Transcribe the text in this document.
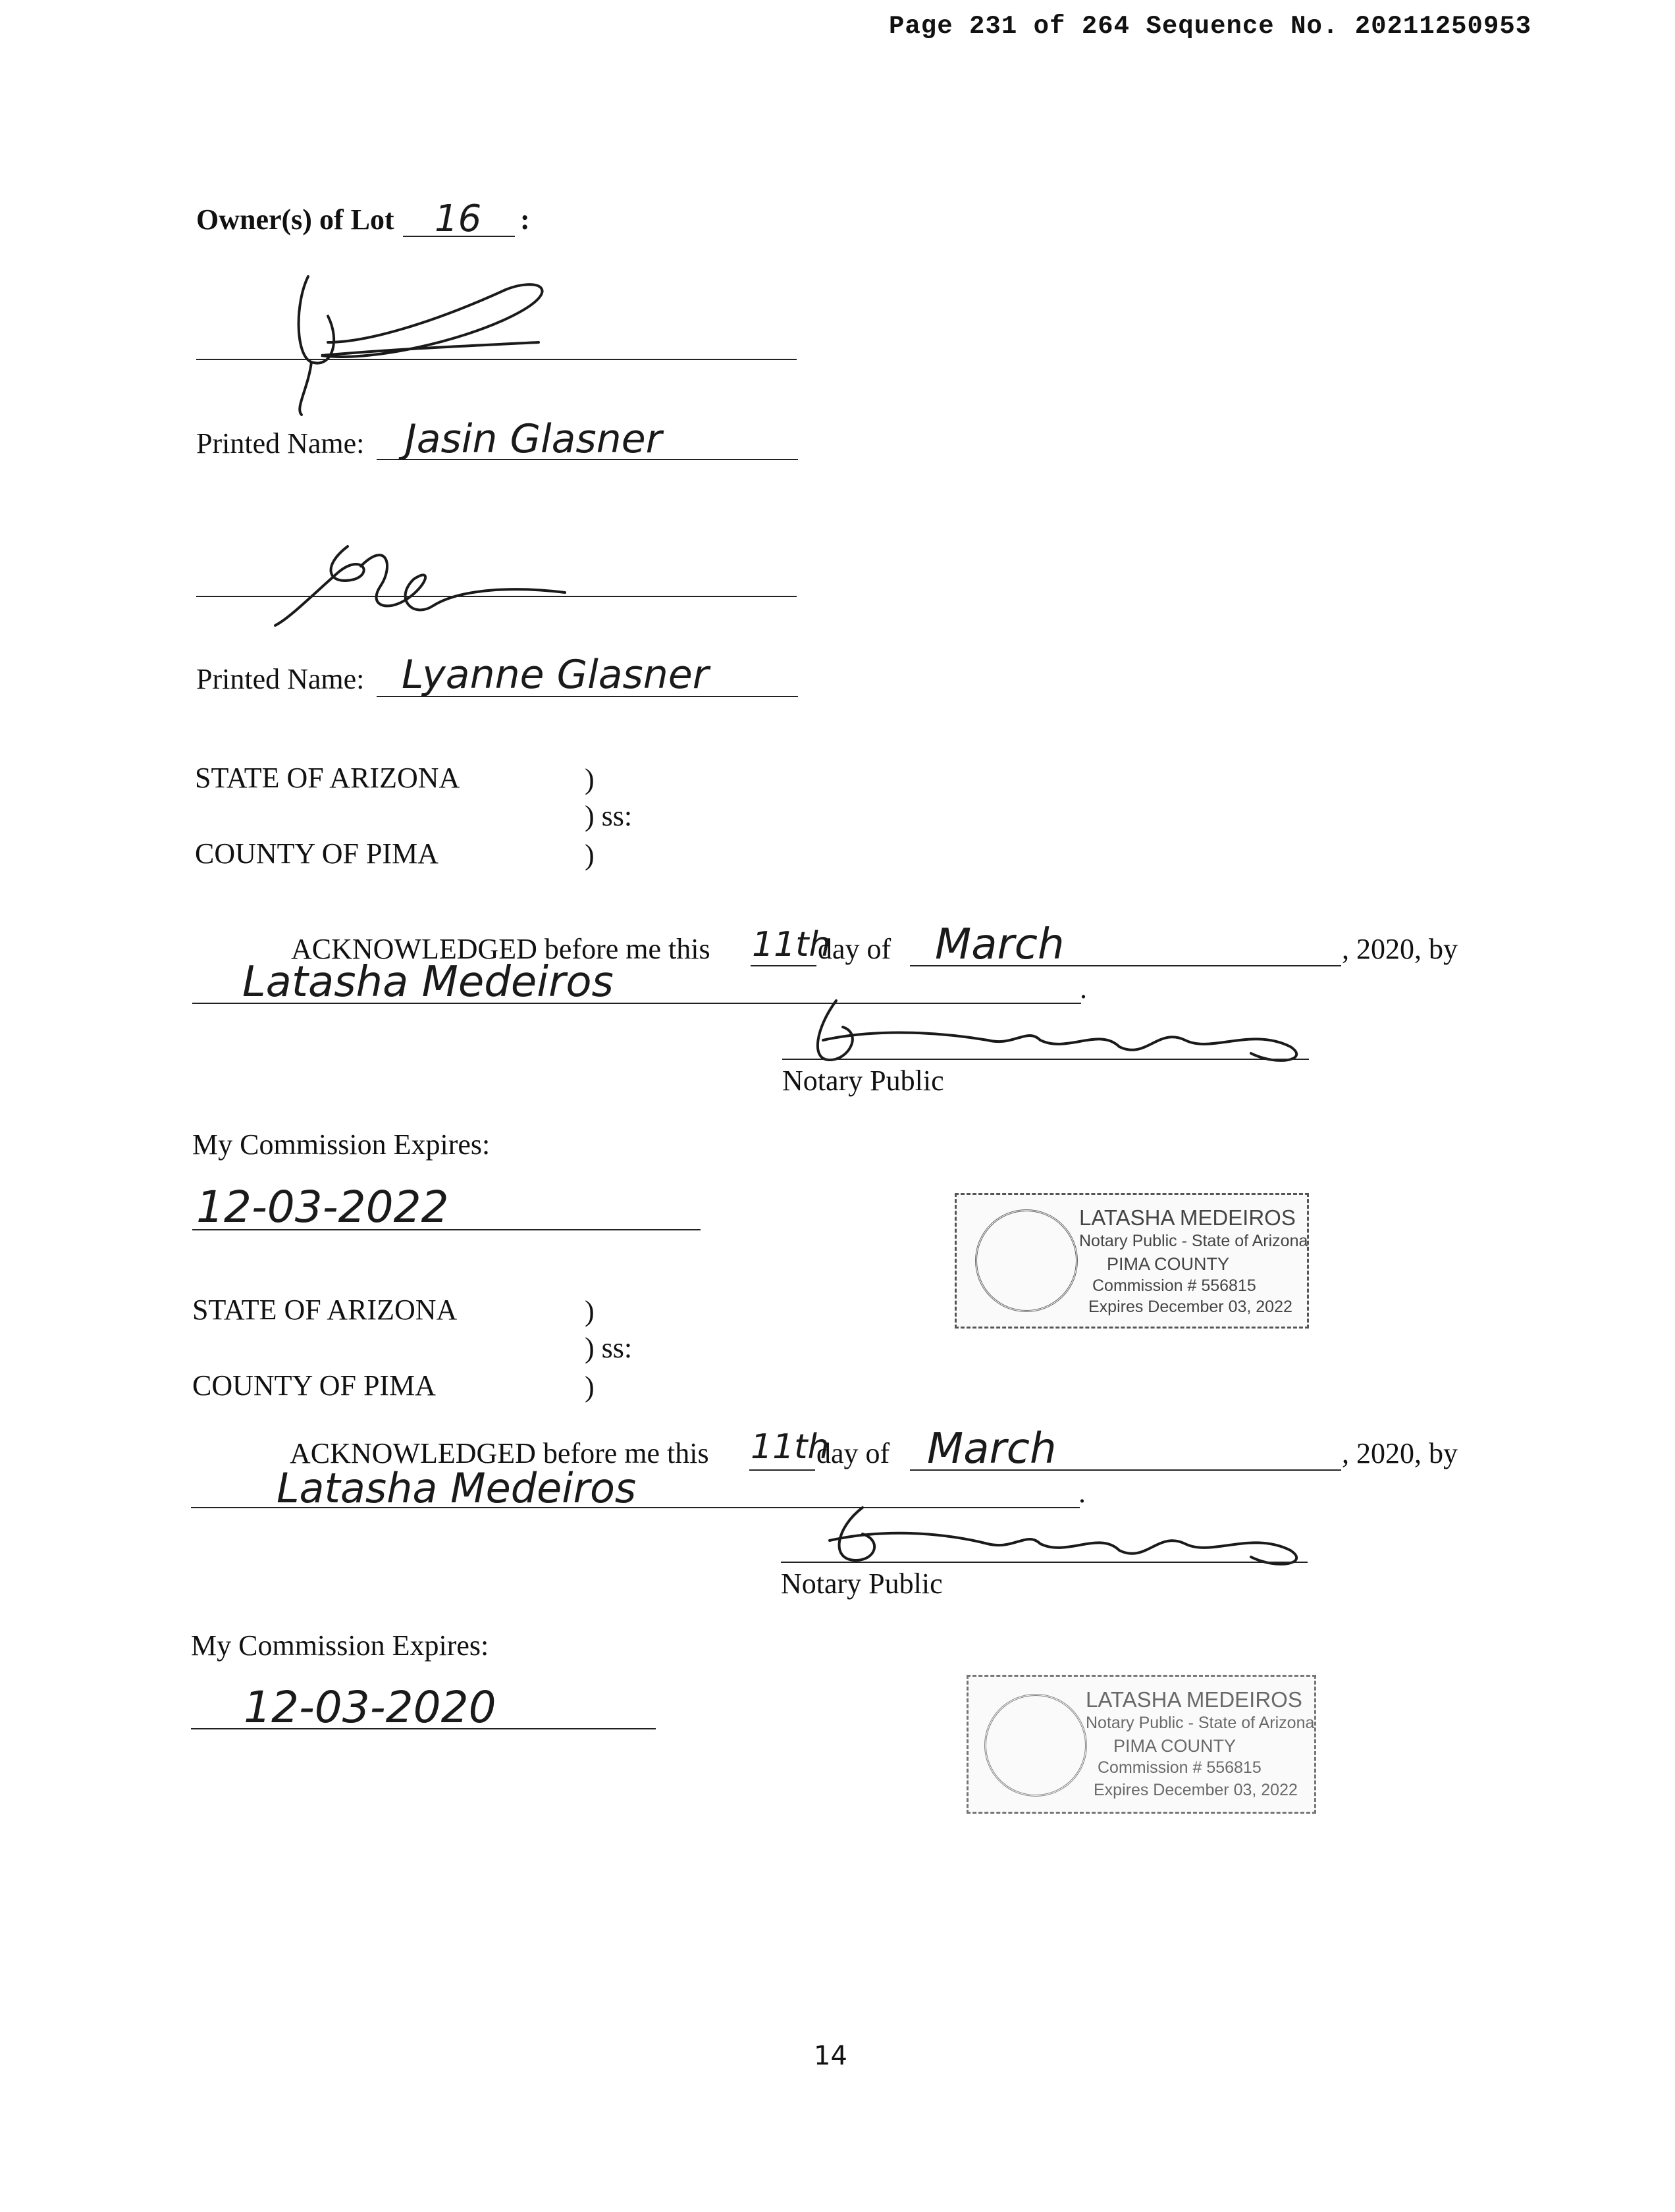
Page 231 of 264 Sequence No. 20211250953
Owner(s) of Lot 16 :
Printed Name: Jasin Glasner
Printed Name: Lyanne Glasner
STATE OF ARIZONA	)
) ss:
COUNTY OF PIMA	)
ACKNOWLEDGED before me this 11th
day of March	, 2020, by
Latasha Medeiros	.
Notary Public
My Commission Expires:
12-03-2022	LATASHA MEDEIROS
Notary Public - State of Arizona
PIMA COUNTY
Commission # 556815
Expires December 03, 2022
STATE OF ARIZONA	)
) ss:
COUNTY OF PIMA	)
ACKNOWLEDGED before me this 11th
day of March	, 2020, by
Latasha Medeiros	.
Notary Public
My Commission Expires:
12-03-2020	LATASHA MEDEIROS
Notary Public - State of Arizona
PIMA COUNTY
Commission # 556815
Expires December 03, 2022
14
